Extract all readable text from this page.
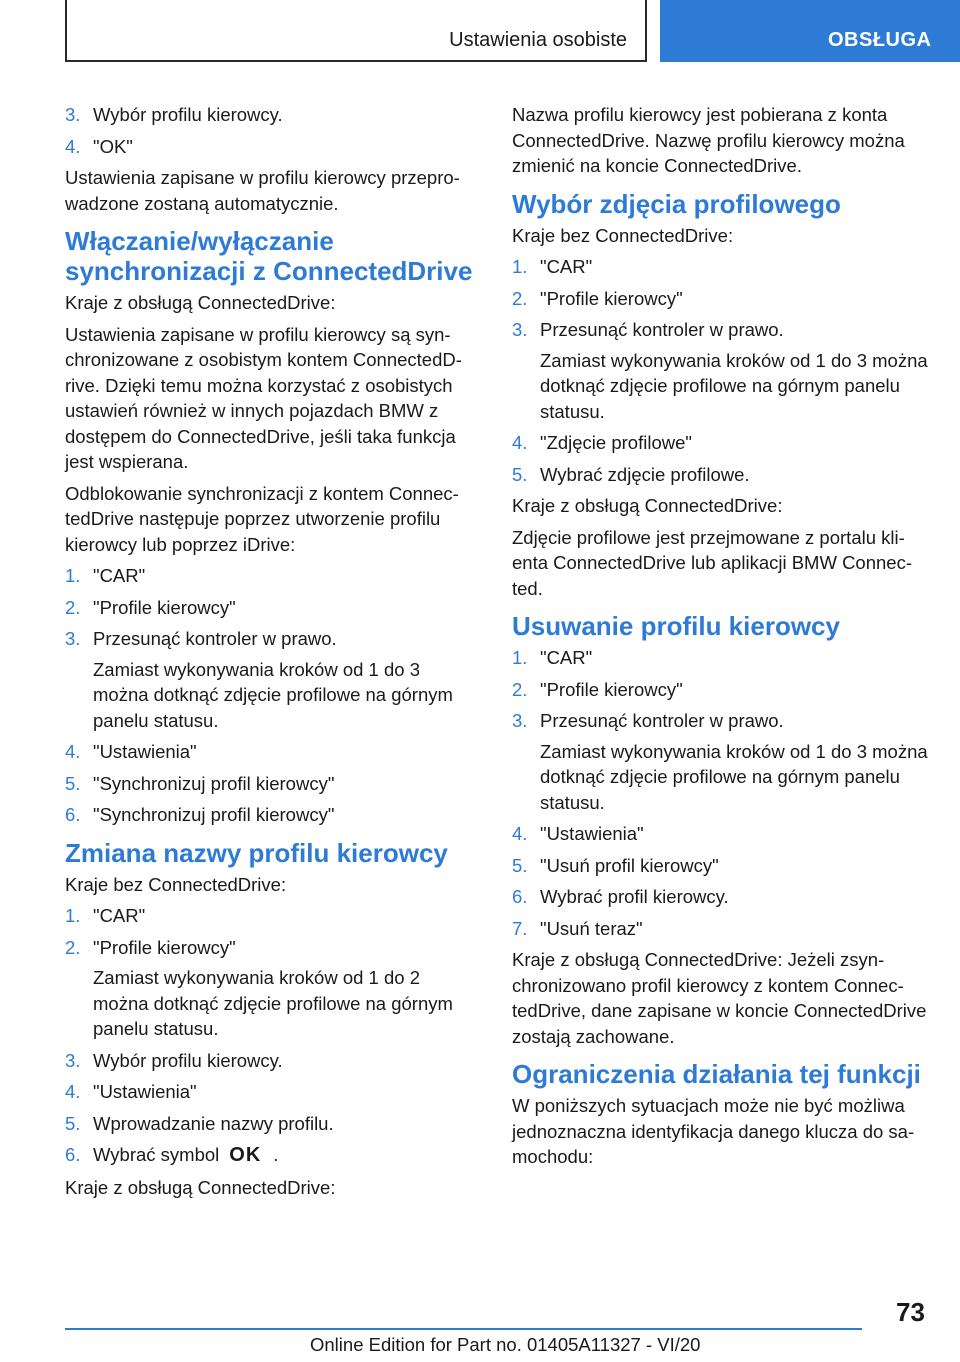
Ustawienia osobiste	OBSŁUGA
3. Wybór profilu kierowcy.
4. "OK"

Ustawienia zapisane w profilu kierowcy przeprowadzone zostaną automatycznie.

Włączanie/wyłączanie synchronizacji z ConnectedDrive

Kraje z obsługą ConnectedDrive:

Ustawienia zapisane w profilu kierowcy są synchronizowane z osobistym kontem ConnectedDrive. Dzięki temu można korzystać z osobistych ustawień również w innych pojazdach BMW z dostępem do ConnectedDrive, jeśli taka funkcja jest wspierana.

Odblokowanie synchronizacji z kontem ConnectedDrive następuje poprzez utworzenie profilu kierowcy lub poprzez iDrive:

1. "CAR"
2. "Profile kierowcy"
3. Przesunąć kontroler w prawo.
Zamiast wykonywania kroków od 1 do 3 można dotknąć zdjęcie profilowe na górnym panelu statusu.
4. "Ustawienia"
5. "Synchronizuj profil kierowcy"
6. "Synchronizuj profil kierowcy"
Zmiana nazwy profilu kierowcy

Kraje bez ConnectedDrive:

1. "CAR"
2. "Profile kierowcy"
Zamiast wykonywania kroków od 1 do 2 można dotknąć zdjęcie profilowe na górnym panelu statusu.
3. Wybór profilu kierowcy.
4. "Ustawienia"
5. Wprowadzanie nazwy profilu.
6. Wybrać symbol OK .

Kraje z obsługą ConnectedDrive:

Nazwa profilu kierowcy jest pobierana z konta ConnectedDrive. Nazwę profilu kierowcy można zmienić na koncie ConnectedDrive.

Wybór zdjęcia profilowego

Kraje bez ConnectedDrive:

1. "CAR"
2. "Profile kierowcy"
3. Przesunąć kontroler w prawo.
Zamiast wykonywania kroków od 1 do 3 można dotknąć zdjęcie profilowe na górnym panelu statusu.
4. "Zdjęcie profilowe"
5. Wybrać zdjęcie profilowe.

Kraje z obsługą ConnectedDrive:

Zdjęcie profilowe jest przejmowane z portalu klienta ConnectedDrive lub aplikacji BMW Connected.

Usuwanie profilu kierowcy
1. "CAR"
2. "Profile kierowcy"
3. Przesunąć kontroler w prawo.
Zamiast wykonywania kroków od 1 do 3 można dotknąć zdjęcie profilowe na górnym panelu statusu.
4. "Ustawienia"
5. "Usuń profil kierowcy"
6. Wybrać profil kierowcy.
7. "Usuń teraz"

Kraje z obsługą ConnectedDrive: Jeżeli zsynchronizowano profil kierowcy z kontem ConnectedDrive, dane zapisane w koncie ConnectedDrive zostają zachowane.

Ograniczenia działania tej funkcji

W poniższych sytuacjach może nie być możliwa jednoznaczna identyfikacja danego klucza do samochodu:

73
Online Edition for Part no. 01405A11327 - VI/20
